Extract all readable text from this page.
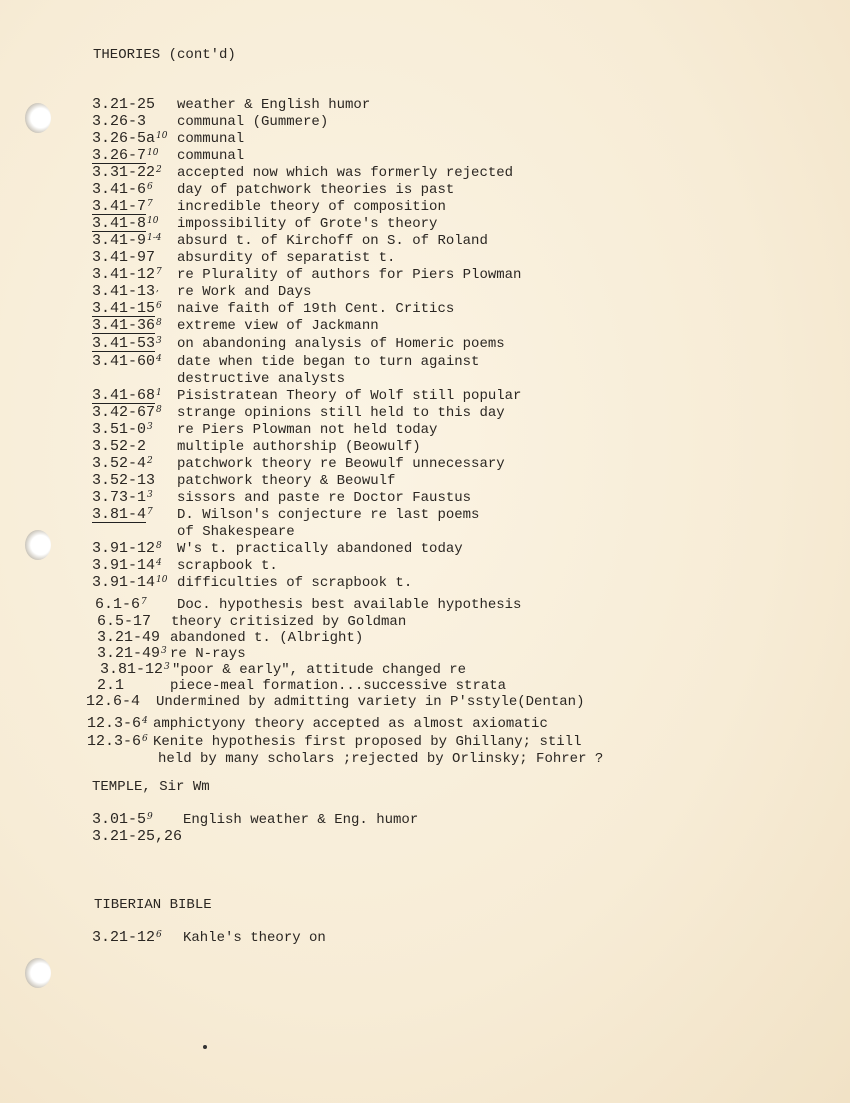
THEORIES (cont'd)
3.21-25 weather & English humor
3.26-3 communal (Gummere)
3.26-5a 10 communal
3.26-7 10 communal
3.31-22 2 accepted now which was formerly rejected
3.41-6 6 day of patchwork theories is past
3.41-7 7 incredible theory of composition
3.41-8 10 impossibility of Grote's theory
3.41-9 1-4 absurd t. of Kirchoff on S. of Roland
3.41-97 absurdity of separatist t.
3.41-12 7 re Plurality of authors for Piers Plowman
3.41-13 , re Work and Days
3.41-15 6 naive faith of 19th Cent. Critics
3.41-36 8 extreme view of Jackmann
3.41-53 3 on abandoning analysis of Homeric poems
3.41-60 4 date when tide began to turn against
destructive analysts
3.41-68 1 Pisistratean Theory of Wolf still popular
3.42-67 8 strange opinions still held to this day
3.51-0 3 re Piers Plowman not held today
3.52-2 multiple authorship (Beowulf)
3.52-4 2 patchwork theory re Beowulf unnecessary
3.52-13 patchwork theory & Beowulf
3.73-1 3 sissors and paste re Doctor Faustus
3.81-4 7 D. Wilson's conjecture re last poems
of Shakespeare
3.91-12 8 W's t. practically abandoned today
3.91-14 4 scrapbook t.
3.91-14 10 difficulties of scrapbook t.
6.1-6 7 Doc. hypothesis best available hypothesis
6.5-17 theory critisized by Goldman
3.21-49 abandoned t. (Albright)
3.21-49 3 re N-rays
3.81-12 3 "poor & early", attitude changed re
2.1	piece-meal formation...successive strata
12.6-4 Undermined by admitting variety in P'sstyle(Dentan)
12.3-6 4 amphictyony theory accepted as almost axiomatic
12.3-6 6 Kenite hypothesis first proposed by Ghillany; still
held by many scholars ;rejected by Orlinsky; Fohrer ?
TEMPLE, Sir Wm
3.01-5 9 English weather & Eng. humor
3.21-25,26
TIBERIAN BIBLE
3.21-12 6 Kahle's theory on
